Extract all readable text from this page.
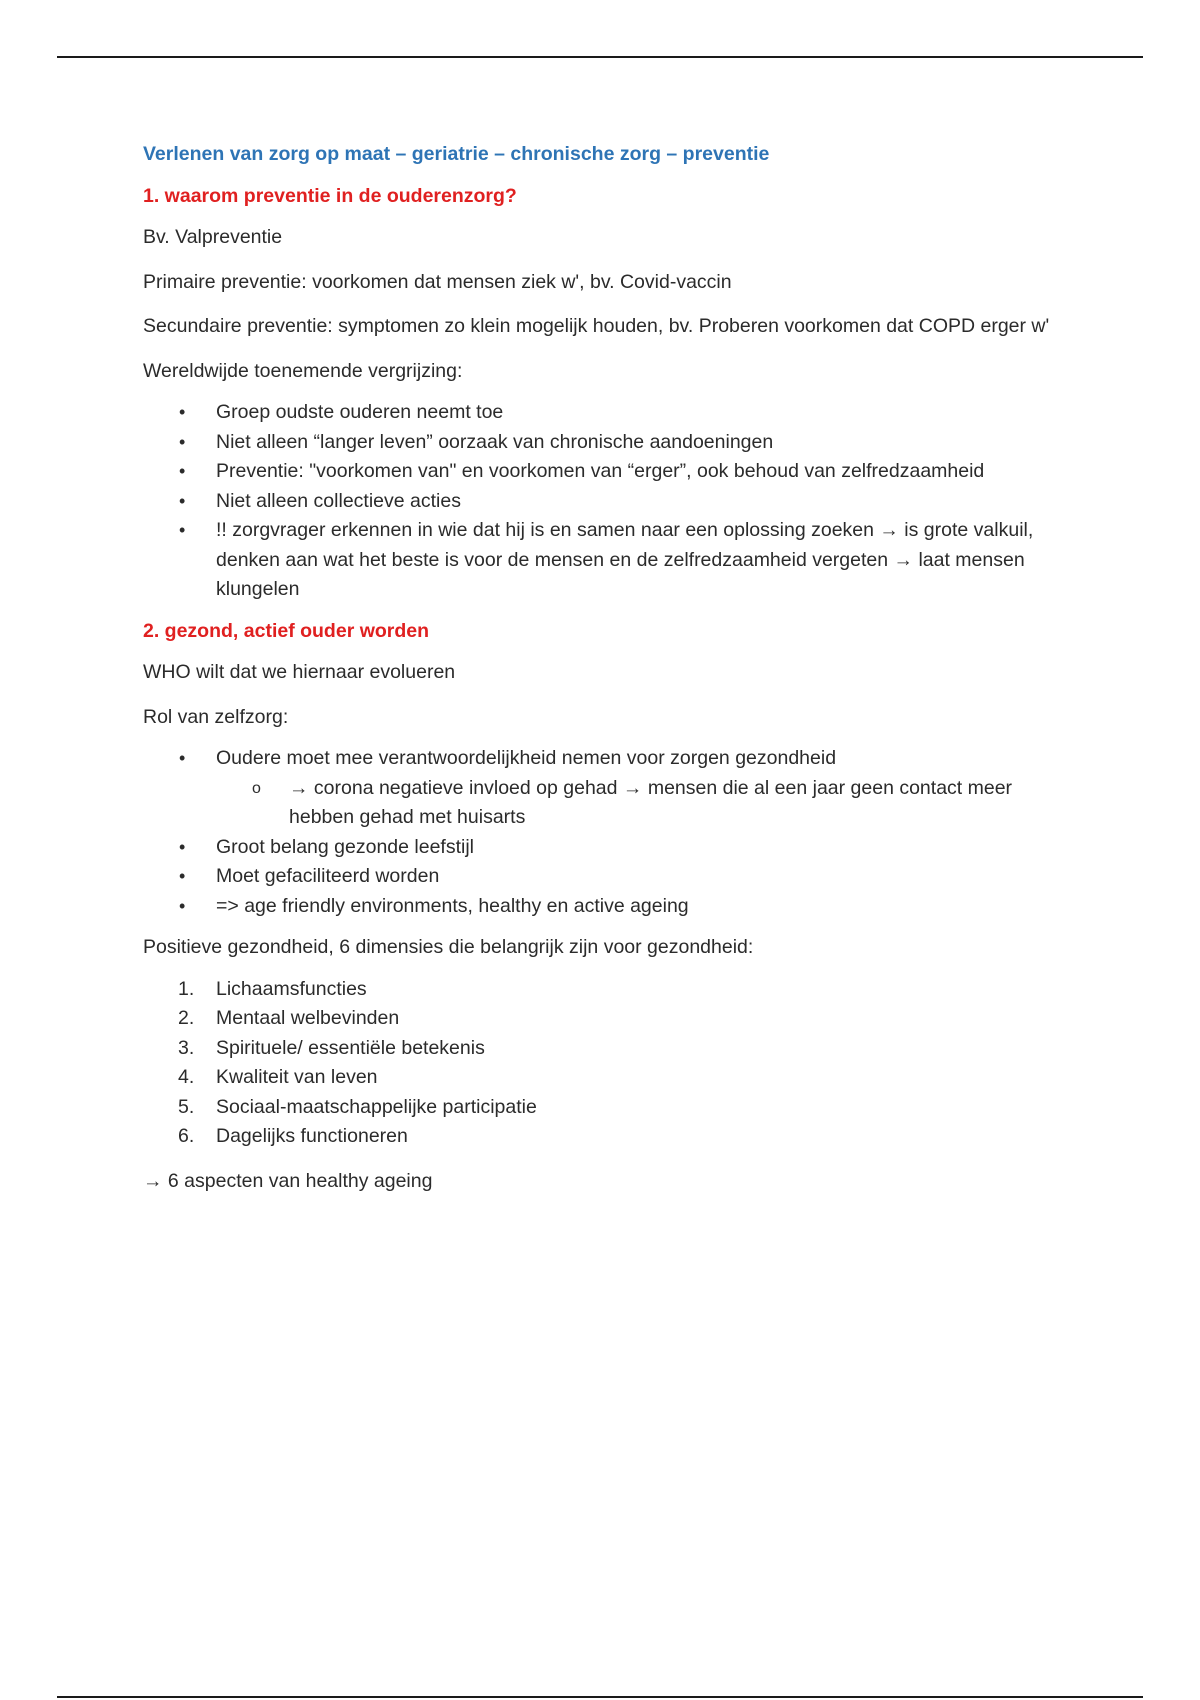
Verlenen van zorg op maat – geriatrie – chronische zorg – preventie
1. waarom preventie in de ouderenzorg?

Bv. Valpreventie

Primaire preventie: voorkomen dat mensen ziek w', bv. Covid-vaccin

Secundaire preventie: symptomen zo klein mogelijk houden, bv. Proberen voorkomen dat COPD erger w'

Wereldwijde toenemende vergrijzing:

• Groep oudste ouderen neemt toe
• Niet alleen “langer leven” oorzaak van chronische aandoeningen
• Preventie: "voorkomen van" en voorkomen van “erger”, ook behoud van zelfredzaamheid
• Niet alleen collectieve acties
• !! zorgvrager erkennen in wie dat hij is en samen naar een oplossing zoeken → is grote valkuil, denken aan wat het beste is voor de mensen en de zelfredzaamheid vergeten → laat mensen klungelen
2. gezond, actief ouder worden

WHO wilt dat we hiernaar evolueren

Rol van zelfzorg:

• Oudere moet mee verantwoordelijkheid nemen voor zorgen gezondheid
o → corona negatieve invloed op gehad → mensen die al een jaar geen contact meer hebben gehad met huisarts
• Groot belang gezonde leefstijl
• Moet gefaciliteerd worden
• => age friendly environments, healthy en active ageing

Positieve gezondheid, 6 dimensies die belangrijk zijn voor gezondheid:

1. Lichaamsfuncties
2. Mentaal welbevinden
3. Spirituele/ essentiële betekenis
4. Kwaliteit van leven
5. Sociaal-maatschappelijke participatie
6. Dagelijks functioneren

→ 6 aspecten van healthy ageing
